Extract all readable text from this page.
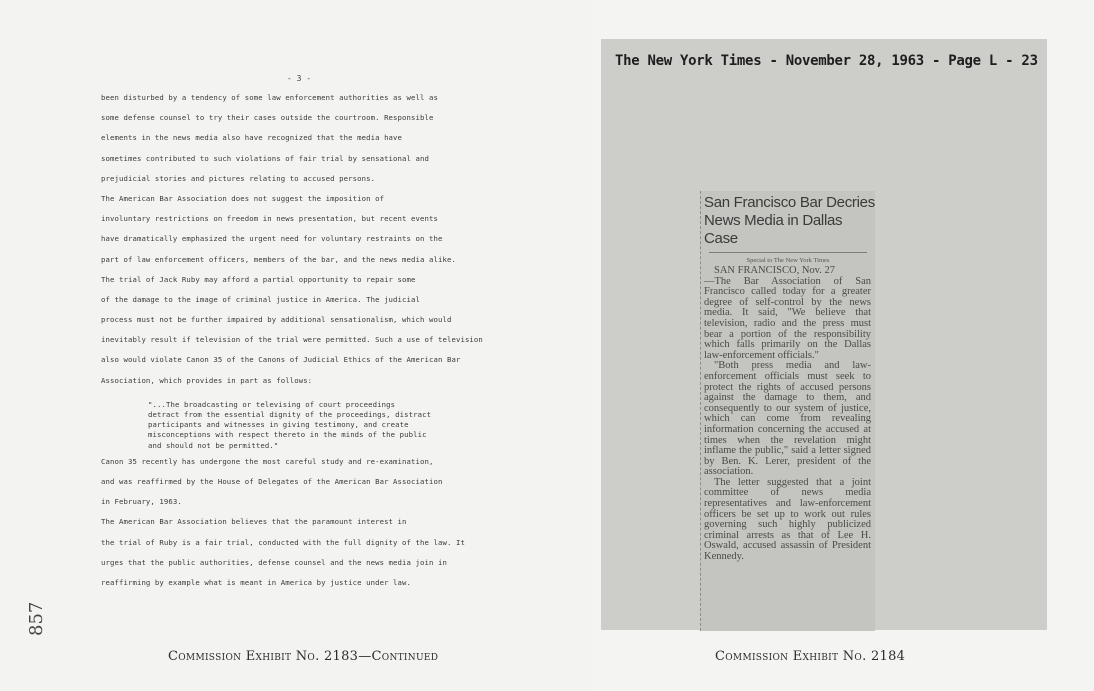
857
- 3 -

been disturbed by a tendency of some law enforcement authorities as well as

some defense counsel to try their cases outside the courtroom. Responsible

elements in the news media also have recognized that the media have

sometimes contributed to such violations of fair trial by sensational and

prejudicial stories and pictures relating to accused persons.

The American Bar Association does not suggest the imposition of

involuntary restrictions on freedom in news presentation, but recent events

have dramatically emphasized the urgent need for voluntary restraints on the

part of law enforcement officers, members of the bar, and the news media alike.

The trial of Jack Ruby may afford a partial opportunity to repair some

of the damage to the image of criminal justice in America. The judicial

process must not be further impaired by additional sensationalism, which would

inevitably result if television of the trial were permitted. Such a use of television

also would violate Canon 35 of the Canons of Judicial Ethics of the American Bar

Association, which provides in part as follows:

"...The broadcasting or televising of court proceedings
detract from the essential dignity of the proceedings, distract
participants and witnesses in giving testimony, and create
misconceptions with respect thereto in the minds of the public
and should not be permitted."

Canon 35 recently has undergone the most careful study and re-examination,

and was reaffirmed by the House of Delegates of the American Bar Association

in February, 1963.

The American Bar Association believes that the paramount interest in

the trial of Ruby is a fair trial, conducted with the full dignity of the law. It

urges that the public authorities, defense counsel and the news media join in

reaffirming by example what is meant in America by justice under law.

Commission Exhibit No. 2183—Continued
The New York Times - November 28, 1963 - Page L - 23
San Francisco Bar Decries
News Media in Dallas Case
Special to The New York Times

SAN FRANCISCO, Nov. 27

—The Bar Association of San Francisco called today for a greater degree of self-control by the news media. It said, "We believe that television, radio and the press must bear a portion of the responsibility which falls primarily on the Dallas law-enforcement officials."

"Both press media and law-enforcement officials must seek to protect the rights of accused persons against the damage to them, and consequently to our system of justice, which can come from revealing information concerning the accused at times when the revelation might inflame the public," said a letter signed by Ben. K. Lerer, president of the association.

The letter suggested that a joint committee of news media representatives and law-enforcement officers be set up to work out rules governing such highly publicized criminal arrests as that of Lee H. Oswald, accused assassin of President Kennedy.

Commission Exhibit No. 2184
